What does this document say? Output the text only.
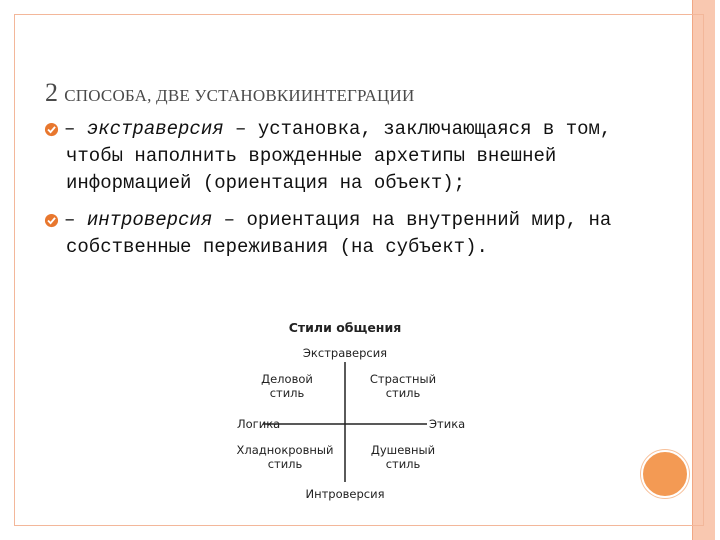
2 СПОСОБА, ДВЕ УСТАНОВКИИНТЕГРАЦИИ
– экстраверсия – установка, заключающаяся в том,
чтобы наполнить врожденные архетипы внешней информацией (ориентация на объект);
– интроверсия – ориентация на внутренний мир, на
собственные переживания (на субъект).
Стили общения
Экстраверсия
Интроверсия
Логика	Этика
Деловой
стиль
Страстный
стиль
Хладнокровный
стиль
Душевный
стиль
